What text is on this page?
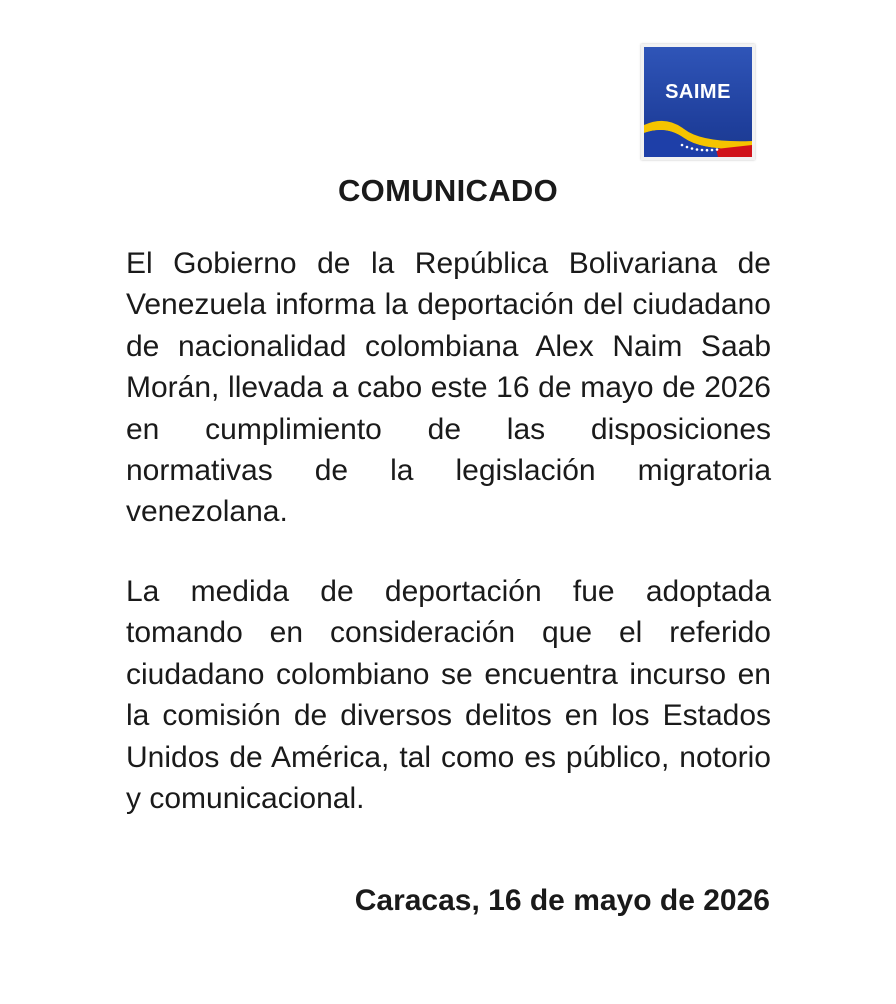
SAIME
COMUNICADO

El Gobierno de la República Bolivariana de Venezuela informa la deportación del ciudadano de nacionalidad colombiana Alex Naim Saab Morán, llevada a cabo este 16 de mayo de 2026 en cumplimiento de las disposiciones normativas de la legislación migratoria venezolana.

La medida de deportación fue adoptada tomando en consideración que el referido ciudadano colombiano se encuentra incurso en la comisión de diversos delitos en los Estados Unidos de América, tal como es público, notorio y comunicacional.

Caracas, 16 de mayo de 2026
